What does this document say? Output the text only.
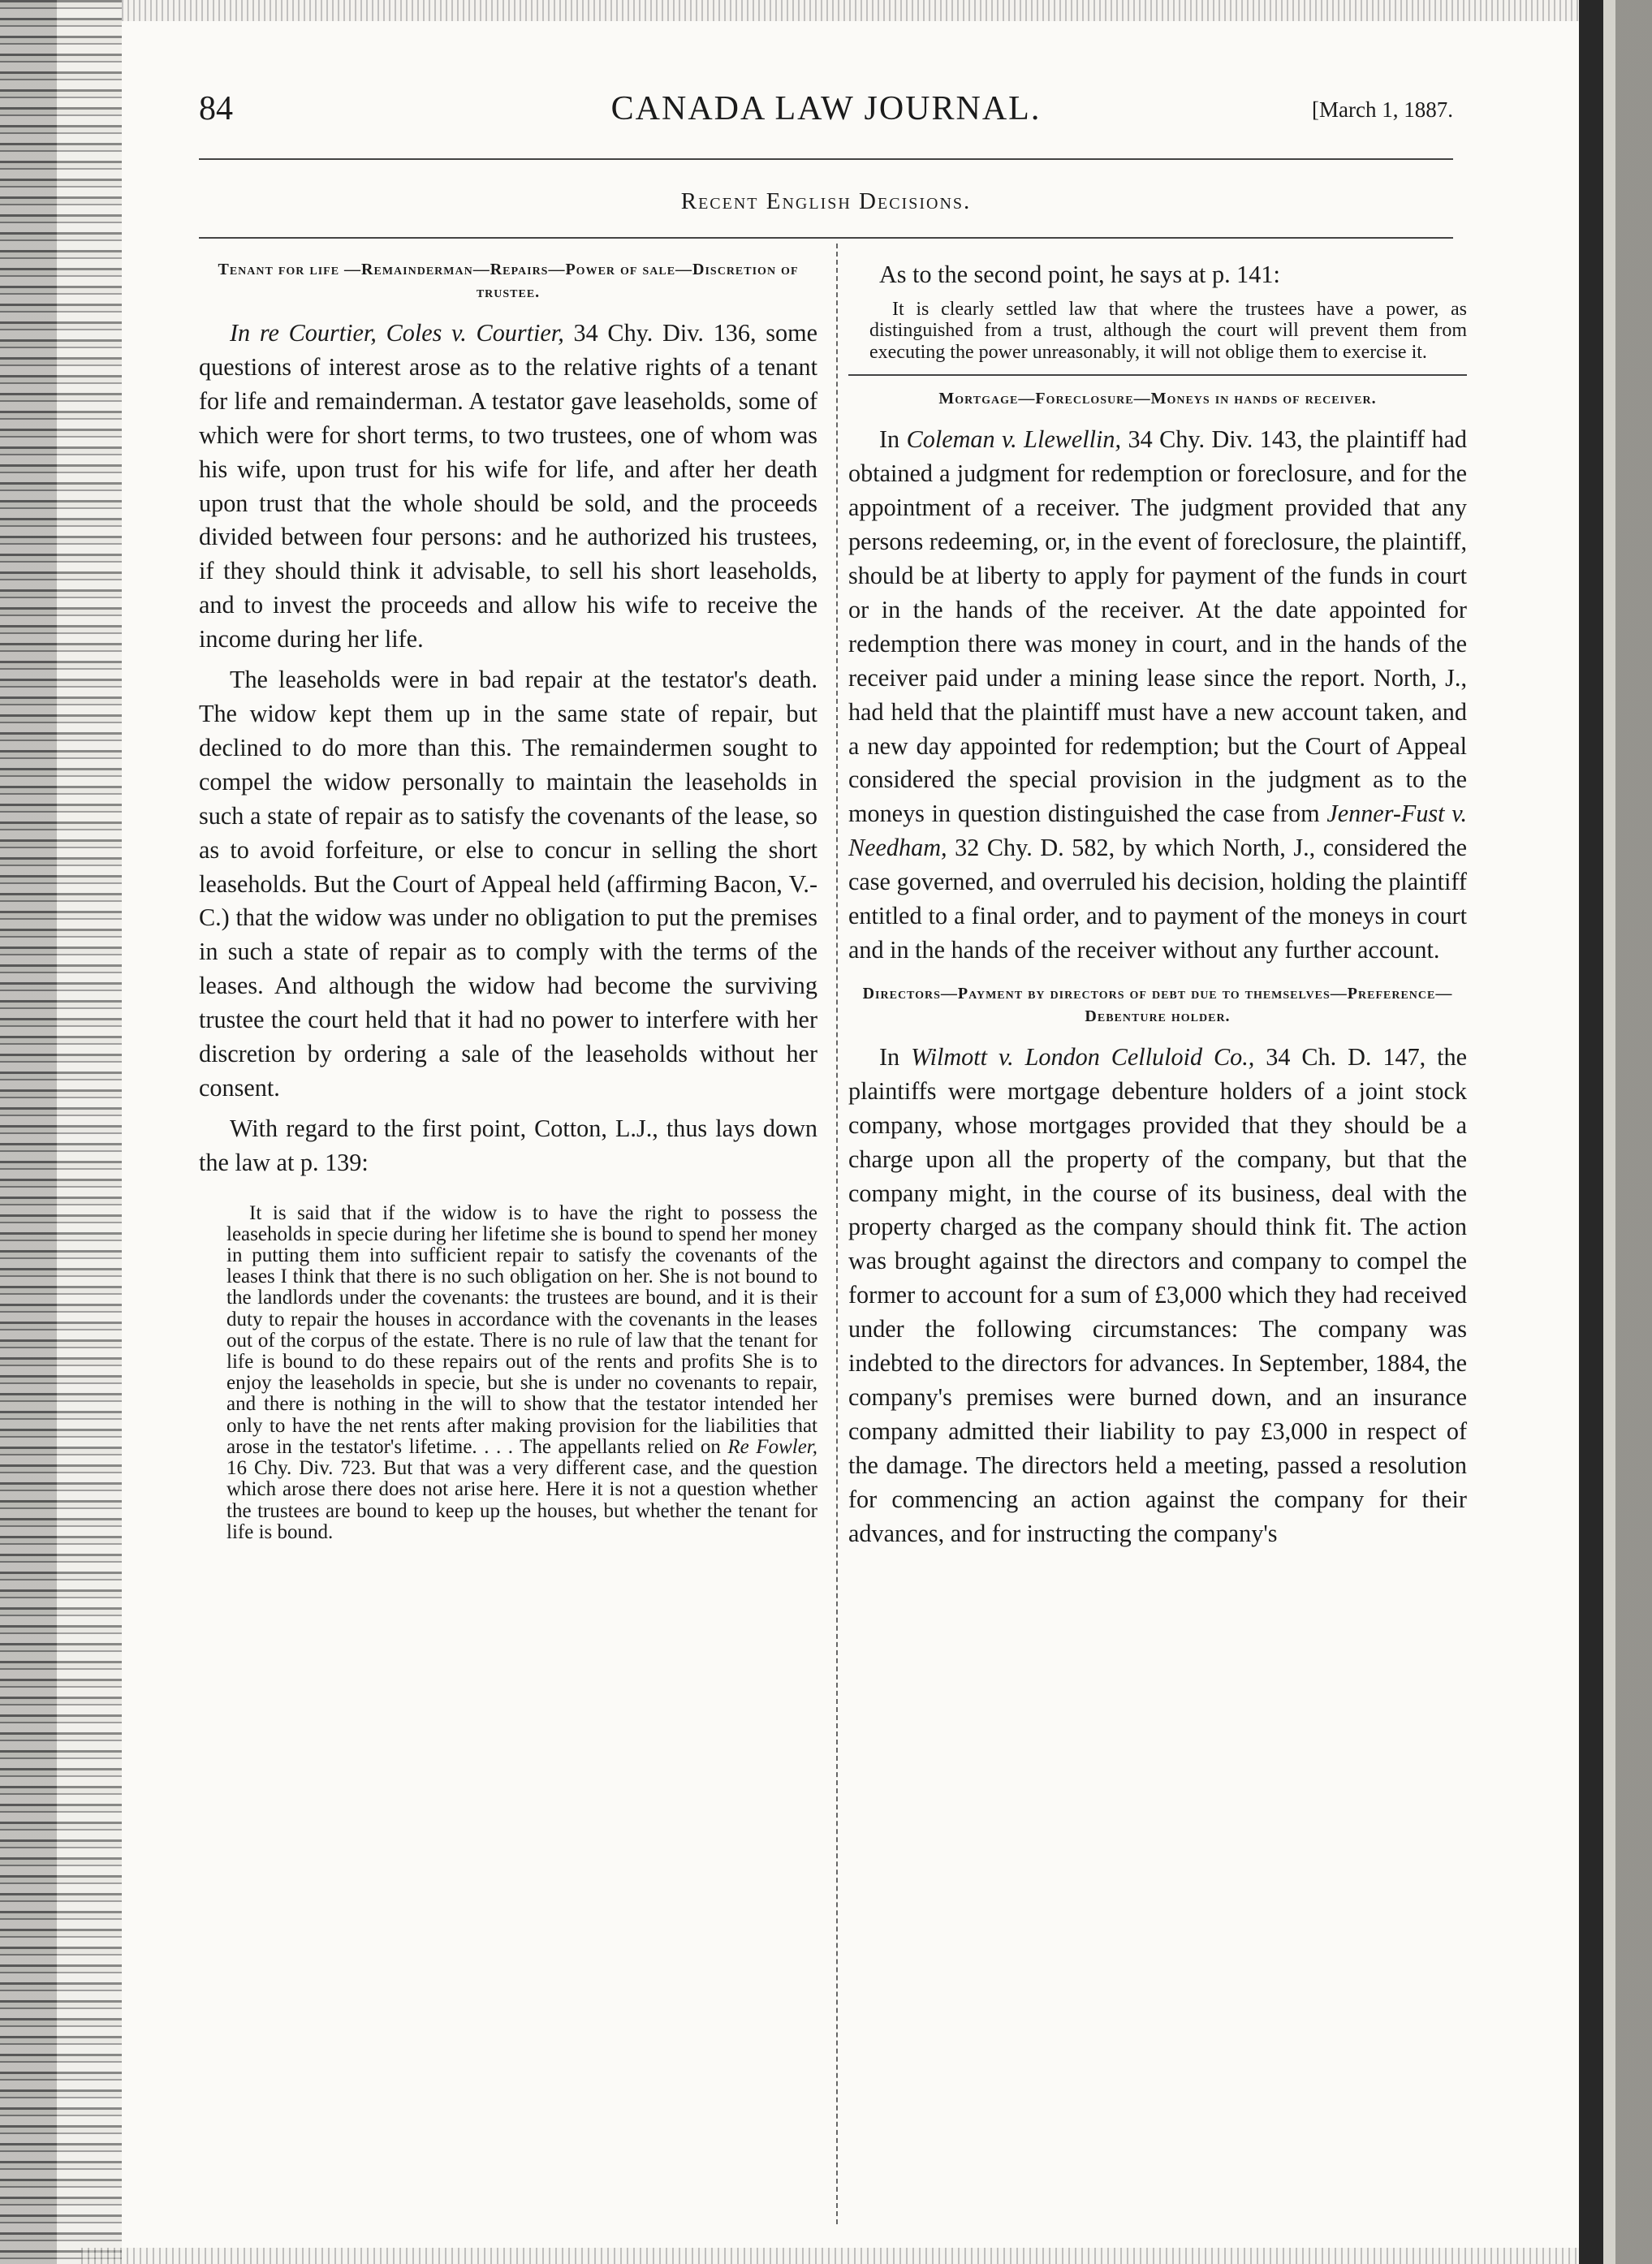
84	CANADA LAW JOURNAL.	[March 1, 1887.
Recent English Decisions.
Tenant for life —Remainderman—Repairs—Power of sale—Discretion of trustee.

In re Courtier, Coles v. Courtier, 34 Chy. Div. 136, some questions of interest arose as to the relative rights of a tenant for life and remainderman. A testator gave leaseholds, some of which were for short terms, to two trustees, one of whom was his wife, upon trust for his wife for life, and after her death upon trust that the whole should be sold, and the proceeds divided between four persons: and he authorized his trustees, if they should think it advisable, to sell his short leaseholds, and to invest the proceeds and allow his wife to receive the income during her life.

The leaseholds were in bad repair at the testator's death. The widow kept them up in the same state of repair, but declined to do more than this. The remaindermen sought to compel the widow personally to maintain the leaseholds in such a state of repair as to satisfy the covenants of the lease, so as to avoid forfeiture, or else to concur in selling the short leaseholds. But the Court of Appeal held (affirming Bacon, V.-C.) that the widow was under no obligation to put the premises in such a state of repair as to comply with the terms of the leases. And although the widow had become the surviving trustee the court held that it had no power to interfere with her discretion by ordering a sale of the leaseholds without her consent.

With regard to the first point, Cotton, L.J., thus lays down the law at p. 139:

It is said that if the widow is to have the right to possess the leaseholds in specie during her lifetime she is bound to spend her money in putting them into sufficient repair to satisfy the covenants of the leases I think that there is no such obligation on her. She is not bound to the landlords under the covenants: the trustees are bound, and it is their duty to repair the houses in accordance with the covenants in the leases out of the corpus of the estate. There is no rule of law that the tenant for life is bound to do these repairs out of the rents and profits She is to enjoy the leaseholds in specie, but she is under no covenants to repair, and there is nothing in the will to show that the testator intended her only to have the net rents after making provision for the liabilities that arose in the testator's lifetime. . . . The appellants relied on Re Fowler, 16 Chy. Div. 723. But that was a very different case, and the question which arose there does not arise here. Here it is not a question whether the trustees are bound to keep up the houses, but whether the tenant for life is bound.

As to the second point, he says at p. 141:

It is clearly settled law that where the trustees have a power, as distinguished from a trust, although the court will prevent them from executing the power unreasonably, it will not oblige them to exercise it.

Mortgage—Foreclosure—Moneys in hands of receiver.

In Coleman v. Llewellin, 34 Chy. Div. 143, the plaintiff had obtained a judgment for redemption or foreclosure, and for the appointment of a receiver. The judgment provided that any persons redeeming, or, in the event of foreclosure, the plaintiff, should be at liberty to apply for payment of the funds in court or in the hands of the receiver. At the date appointed for redemption there was money in court, and in the hands of the receiver paid under a mining lease since the report. North, J., had held that the plaintiff must have a new account taken, and a new day appointed for redemption; but the Court of Appeal considered the special provision in the judgment as to the moneys in question distinguished the case from Jenner-Fust v. Needham, 32 Chy. D. 582, by which North, J., considered the case governed, and overruled his decision, holding the plaintiff entitled to a final order, and to payment of the moneys in court and in the hands of the receiver without any further account.

Directors—Payment by directors of debt due to themselves—Preference—Debenture holder.

In Wilmott v. London Celluloid Co., 34 Ch. D. 147, the plaintiffs were mortgage debenture holders of a joint stock company, whose mortgages provided that they should be a charge upon all the property of the company, but that the company might, in the course of its business, deal with the property charged as the company should think fit. The action was brought against the directors and company to compel the former to account for a sum of £3,000 which they had received under the following circumstances: The company was indebted to the directors for advances. In September, 1884, the company's premises were burned down, and an insurance company admitted their liability to pay £3,000 in respect of the damage. The directors held a meeting, passed a resolution for commencing an action against the company for their advances, and for instructing the company's
